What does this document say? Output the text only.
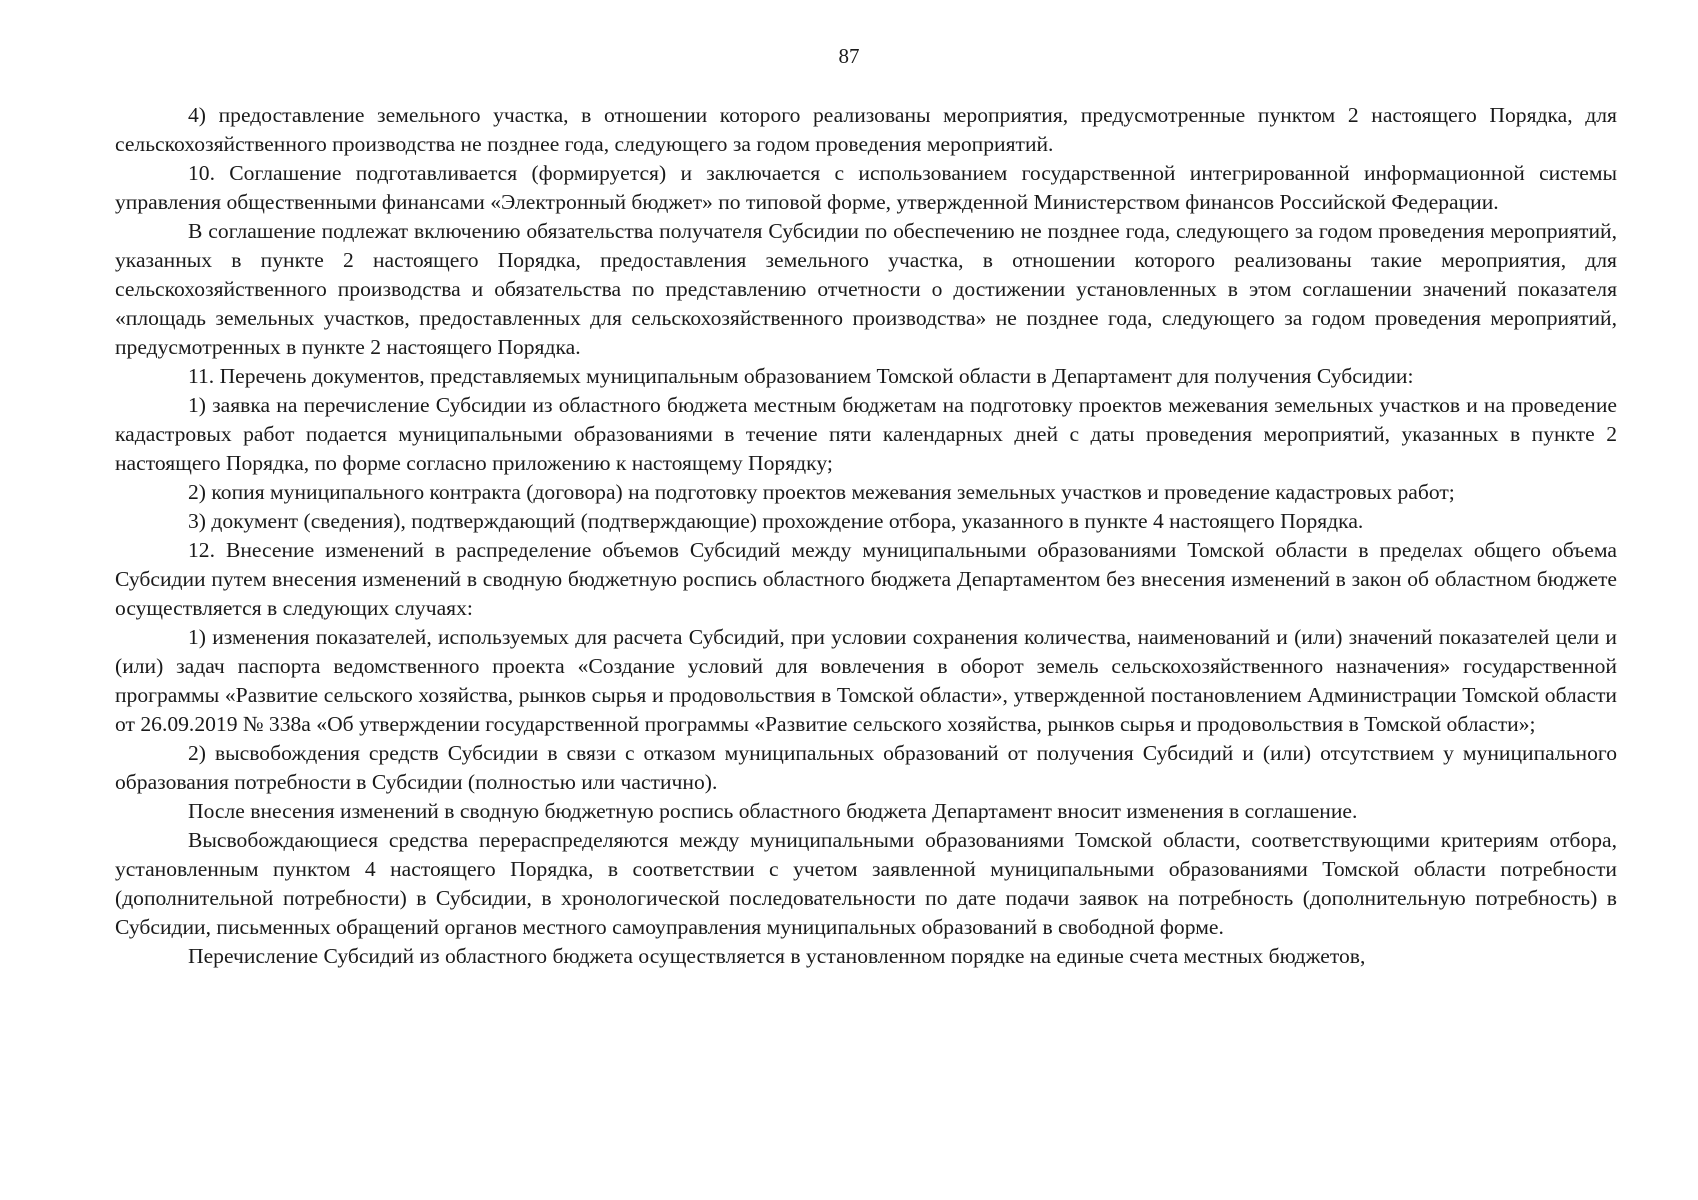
87

4) предоставление земельного участка, в отношении которого реализованы мероприятия, предусмотренные пунктом 2 настоящего Порядка, для сельскохозяйственного производства не позднее года, следующего за годом проведения мероприятий.

10. Соглашение подготавливается (формируется) и заключается с использованием государственной интегрированной информационной системы управления общественными финансами «Электронный бюджет» по типовой форме, утвержденной Министерством финансов Российской Федерации.

В соглашение подлежат включению обязательства получателя Субсидии по обеспечению не позднее года, следующего за годом проведения мероприятий, указанных в пункте 2 настоящего Порядка, предоставления земельного участка, в отношении которого реализованы такие мероприятия, для сельскохозяйственного производства и обязательства по представлению отчетности о достижении установленных в этом соглашении значений показателя «площадь земельных участков, предоставленных для сельскохозяйственного производства» не позднее года, следующего за годом проведения мероприятий, предусмотренных в пункте 2 настоящего Порядка.

11. Перечень документов, представляемых муниципальным образованием Томской области в Департамент для получения Субсидии:

1) заявка на перечисление Субсидии из областного бюджета местным бюджетам на подготовку проектов межевания земельных участков и на проведение кадастровых работ подается муниципальными образованиями в течение пяти календарных дней с даты проведения мероприятий, указанных в пункте 2 настоящего Порядка, по форме согласно приложению к настоящему Порядку;

2) копия муниципального контракта (договора) на подготовку проектов межевания земельных участков и проведение кадастровых работ;

3) документ (сведения), подтверждающий (подтверждающие) прохождение отбора, указанного в пункте 4 настоящего Порядка.

12. Внесение изменений в распределение объемов Субсидий между муниципальными образованиями Томской области в пределах общего объема Субсидии путем внесения изменений в сводную бюджетную роспись областного бюджета Департаментом без внесения изменений в закон об областном бюджете осуществляется в следующих случаях:

1) изменения показателей, используемых для расчета Субсидий, при условии сохранения количества, наименований и (или) значений показателей цели и (или) задач паспорта ведомственного проекта «Создание условий для вовлечения в оборот земель сельскохозяйственного назначения» государственной программы «Развитие сельского хозяйства, рынков сырья и продовольствия в Томской области», утвержденной постановлением Администрации Томской области от 26.09.2019 № 338а «Об утверждении государственной программы «Развитие сельского хозяйства, рынков сырья и продовольствия в Томской области»;

2) высвобождения средств Субсидии в связи с отказом муниципальных образований от получения Субсидий и (или) отсутствием у муниципального образования потребности в Субсидии (полностью или частично).

После внесения изменений в сводную бюджетную роспись областного бюджета Департамент вносит изменения в соглашение.

Высвобождающиеся средства перераспределяются между муниципальными образованиями Томской области, соответствующими критериям отбора, установленным пунктом 4 настоящего Порядка, в соответствии с учетом заявленной муниципальными образованиями Томской области потребности (дополнительной потребности) в Субсидии, в хронологической последовательности по дате подачи заявок на потребность (дополнительную потребность) в Субсидии, письменных обращений органов местного самоуправления муниципальных образований в свободной форме.

Перечисление Субсидий из областного бюджета осуществляется в установленном порядке на единые счета местных бюджетов,
